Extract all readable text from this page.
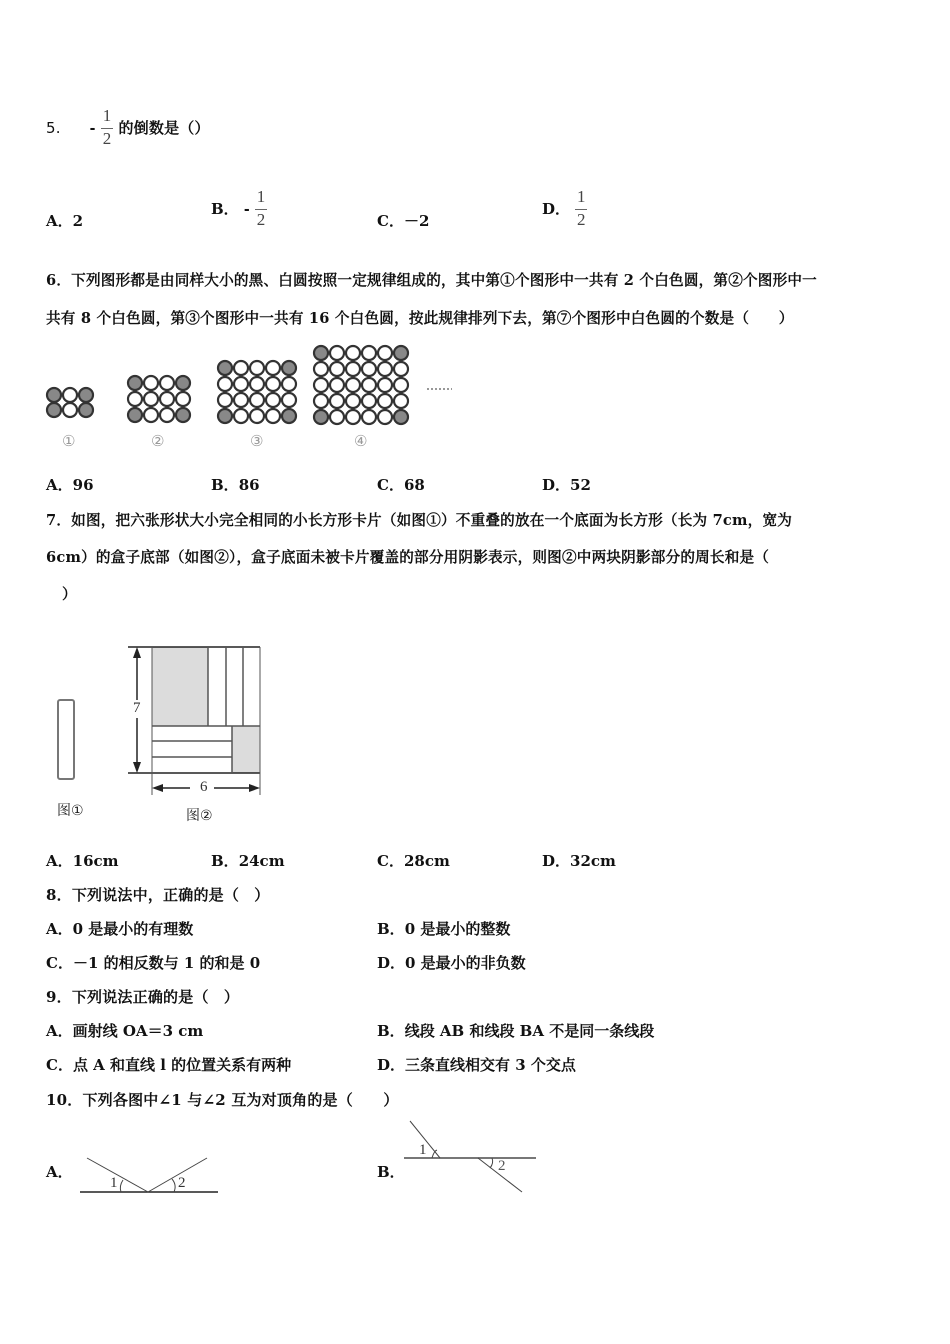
5. - $\frac{1}{2}$ 的倒数是（）
A．2
B． - $\frac{1}{2}$	C．－2
D． $\frac{1}{2}$
6．下列图形都是由同样大小的黑、白圆按照一定规律组成的，其中第①个图形中一共有 2 个白色圆，第②个图形中一
共有 8 个白色圆，第③个图形中一共有 16 个白色圆，按此规律排列下去，第⑦个图形中白色圆的个数是（　　）
①	②	③	④
A．96	B．86	C．68	D．52
7．如图，把六张形状大小完全相同的小长方形卡片（如图①）不重叠的放在一个底面为长方形（长为 7cm，宽为
6cm）的盒子底部（如图②），盒子底面未被卡片覆盖的部分用阴影表示，则图②中两块阴影部分的周长和是（
）
7
6
图①	图②
A．16cm	B．24cm	C．28cm	D．32cm
8．下列说法中，正确的是（　）
A．0 是最小的有理数	B．0 是最小的整数
C．－1 的相反数与 1 的和是 0	D．0 是最小的非负数
9．下列说法正确的是（　）
A．画射线 OA＝3 cm	B．线段 AB 和线段 BA 不是同一条线段
C．点 A 和直线 l 的位置关系有两种	D．三条直线相交有 3 个交点
10．下列各图中∠1 与∠2 互为对顶角的是（　　）
A．
1	2
B．
1
2
